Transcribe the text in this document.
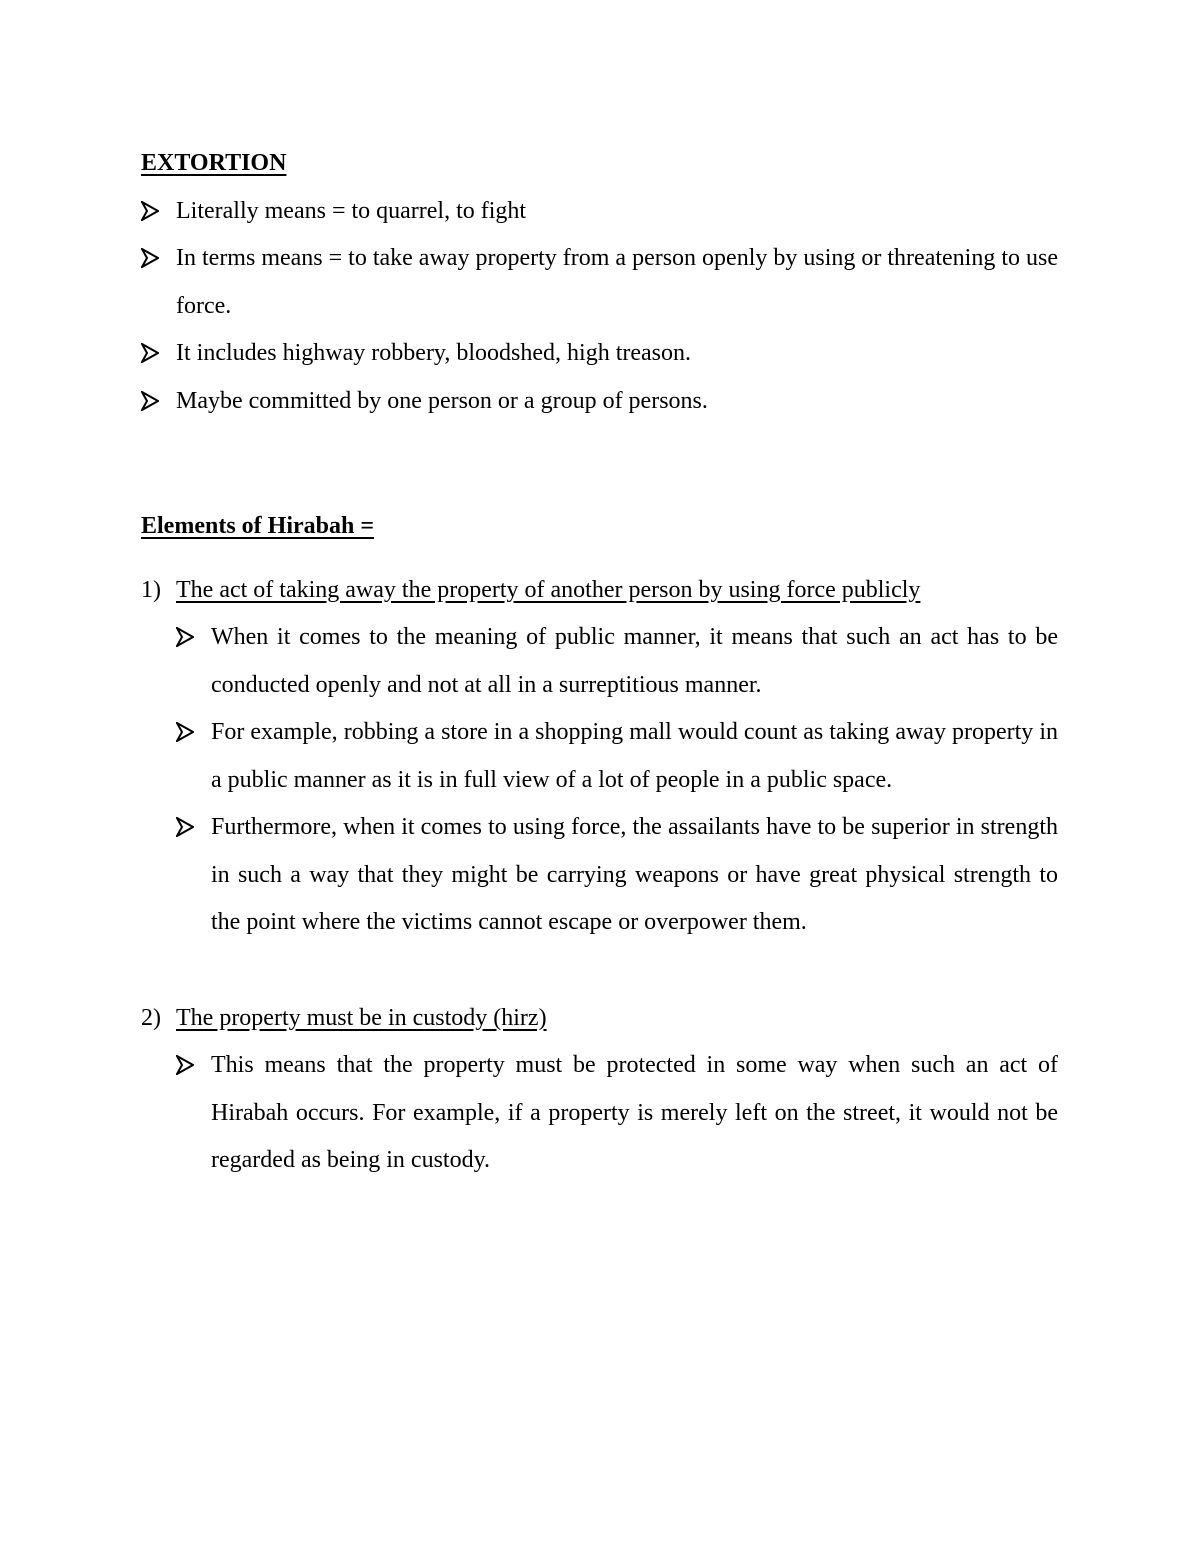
EXTORTION

Literally means = to quarrel, to fight
In terms means = to take away property from a person openly by using or threatening to use force.
It includes highway robbery, bloodshed, high treason.
Maybe committed by one person or a group of persons.

Elements of Hirabah =

1) The act of taking away the property of another person by using force publicly
When it comes to the meaning of public manner, it means that such an act has to be conducted openly and not at all in a surreptitious manner.
For example, robbing a store in a shopping mall would count as taking away property in a public manner as it is in full view of a lot of people in a public space.
Furthermore, when it comes to using force, the assailants have to be superior in strength in such a way that they might be carrying weapons or have great physical strength to the point where the victims cannot escape or overpower them.
2) The property must be in custody (hirz)
This means that the property must be protected in some way when such an act of Hirabah occurs. For example, if a property is merely left on the street, it would not be regarded as being in custody.
